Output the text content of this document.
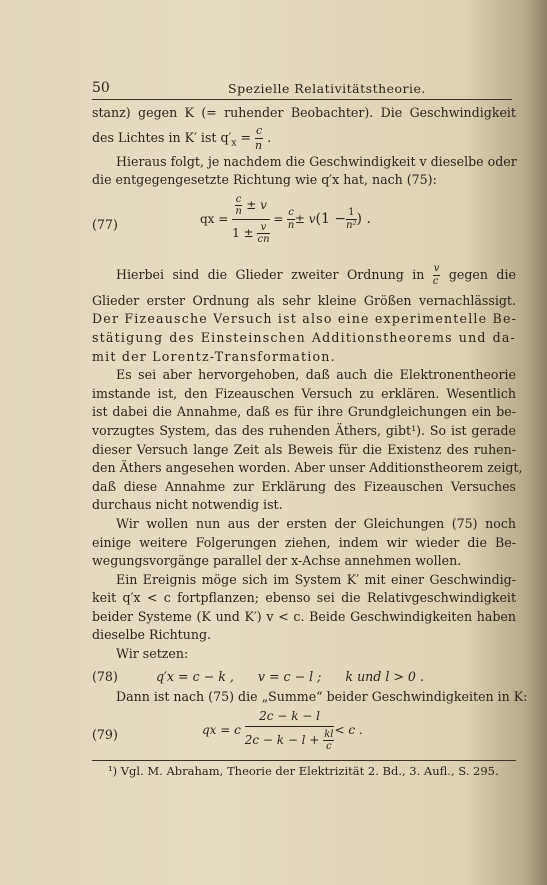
50	Spezielle Relativitätstheorie.
stanz) gegen K (= ruhender Beobachter). Die Geschwindigkeit
des Lichtes in K′ ist $q'_x = \frac{c}{n}$ .
Hieraus folgt, je nachdem die Geschwindigkeit v dieselbe oder
die entgegengesetzte Richtung wie q′x hat, nach (75):
(77)	qx = $\frac{\frac{c}{n} \pm v}{1 \pm \frac{v}{cn}} = \frac{c}{n} \pm v(1 - \frac{1}{\text{n²}}$ ) .
Hierbei sind die Glieder zweiter Ordnung in $\frac{v}{c}$ gegen die
Glieder erster Ordnung als sehr kleine Größen vernachlässigt.
Der Fizeausche Versuch ist also eine experimentelle Be-
stätigung des Einsteinschen Additionstheorems und da-
mit der Lorentz-Transformation.
Es sei aber hervorgehoben, daß auch die Elektronentheorie
imstande ist, den Fizeauschen Versuch zu erklären. Wesentlich
ist dabei die Annahme, daß es für ihre Grundgleichungen ein be-
vorzugtes System, das des ruhenden Äthers, gibt¹). So ist gerade
dieser Versuch lange Zeit als Beweis für die Existenz des ruhen-
den Äthers angesehen worden. Aber unser Additionstheorem zeigt,
daß diese Annahme zur Erklärung des Fizeauschen Versuches
durchaus nicht notwendig ist.
Wir wollen nun aus der ersten der Gleichungen (75) noch
einige weitere Folgerungen ziehen, indem wir wieder die Be-
wegungsvorgänge parallel der x-Achse annehmen wollen.
Ein Ereignis möge sich im System K′ mit einer Geschwindig-
keit q′x < c fortpflanzen; ebenso sei die Relativgeschwindigkeit
beider Systeme (K und K′) v < c. Beide Geschwindigkeiten haben
dieselbe Richtung.
Wir setzen:
(78)	q′x = c − k ,      v = c − l ;      k und l > 0 .
Dann ist nach (75) die „Summe“ beider Geschwindigkeiten in K:
(79)	qx = c $\frac{2c - k - l}{2c - k - l + \frac{kl}{c}} < c$ .
¹) Vgl. M. Abraham, Theorie der Elektrizität 2. Bd., 3. Aufl., S. 295.
